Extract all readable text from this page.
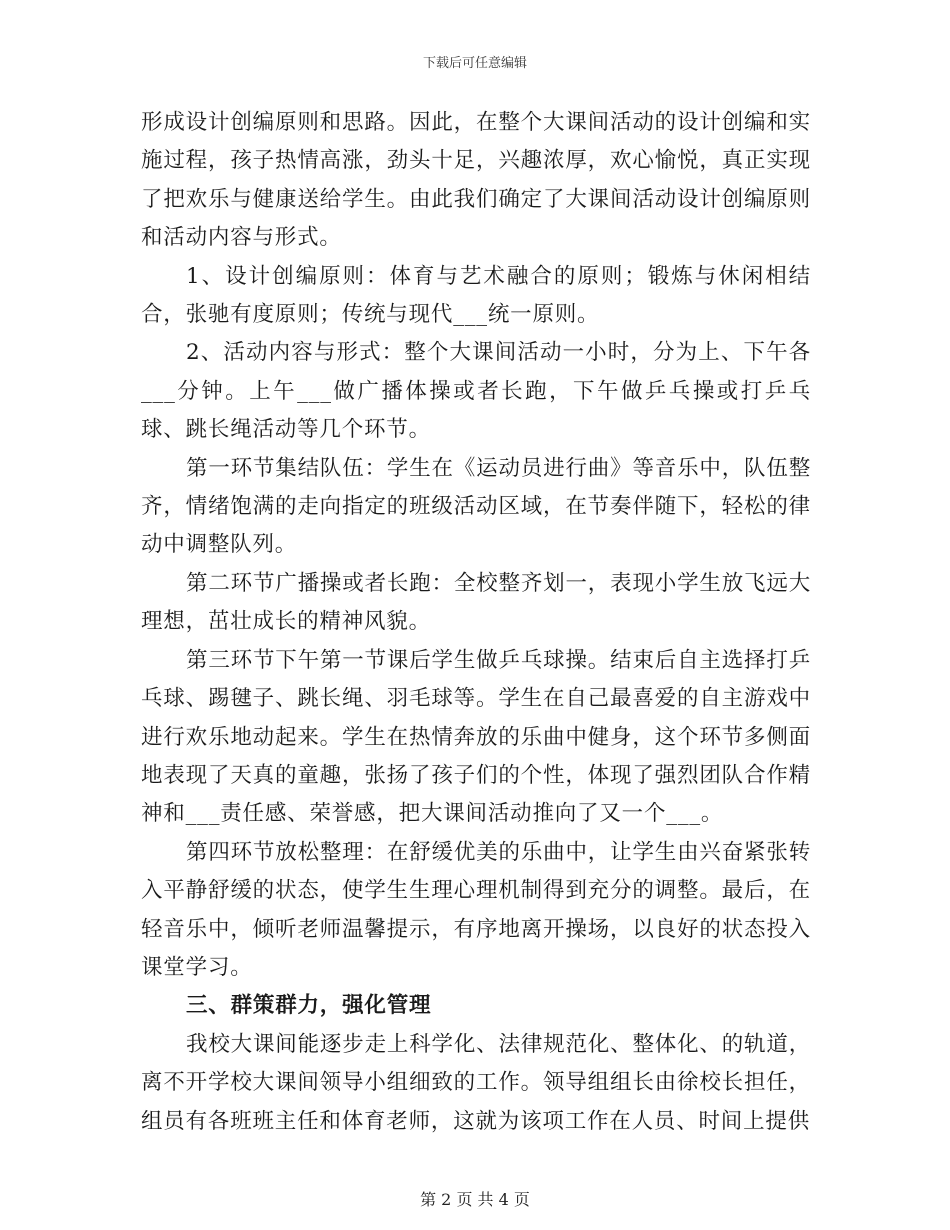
下载后可任意编辑

形成设计创编原则和思路。因此，在整个大课间活动的设计创编和实施过程，孩子热情高涨，劲头十足，兴趣浓厚，欢心愉悦，真正实现了把欢乐与健康送给学生。由此我们确定了大课间活动设计创编原则和活动内容与形式。

1、设计创编原则：体育与艺术融合的原则；锻炼与休闲相结合，张驰有度原则；传统与现代___统一原则。

2、活动内容与形式：整个大课间活动一小时，分为上、下午各___分钟。上午___做广播体操或者长跑，下午做乒乓操或打乒乓球、跳长绳活动等几个环节。

第一环节集结队伍：学生在《运动员进行曲》等音乐中，队伍整齐，情绪饱满的走向指定的班级活动区域，在节奏伴随下，轻松的律动中调整队列。

第二环节广播操或者长跑：全校整齐划一，表现小学生放飞远大理想，茁壮成长的精神风貌。

第三环节下午第一节课后学生做乒乓球操。结束后自主选择打乒乓球、踢毽子、跳长绳、羽毛球等。学生在自己最喜爱的自主游戏中进行欢乐地动起来。学生在热情奔放的乐曲中健身，这个环节多侧面地表现了天真的童趣，张扬了孩子们的个性，体现了强烈团队合作精神和___责任感、荣誉感，把大课间活动推向了又一个___。

第四环节放松整理：在舒缓优美的乐曲中，让学生由兴奋紧张转入平静舒缓的状态，使学生生理心理机制得到充分的调整。最后，在轻音乐中，倾听老师温馨提示，有序地离开操场，以良好的状态投入课堂学习。

三、群策群力，强化管理

我校大课间能逐步走上科学化、法律规范化、整体化、的轨道，离不开学校大课间领导小组细致的工作。领导组组长由徐校长担任，组员有各班班主任和体育老师，这就为该项工作在人员、时间上提供

第 2 页 共 4 页
